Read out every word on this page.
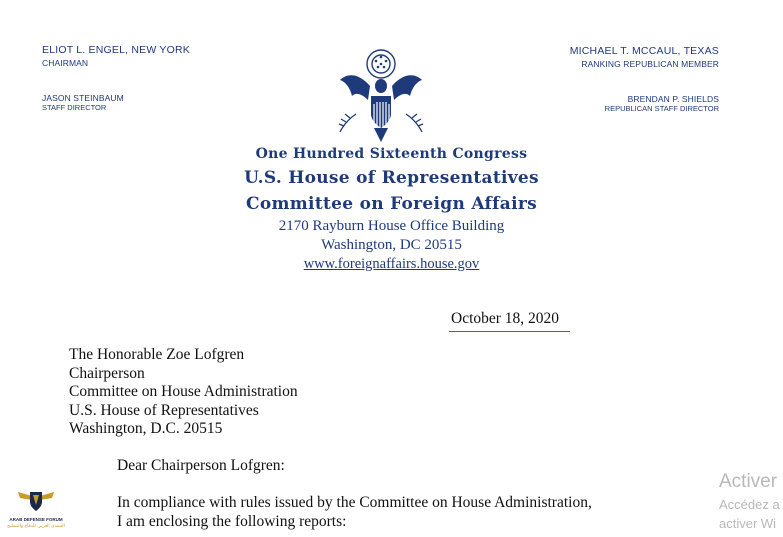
ELIOT L. ENGEL, NEW YORK
CHAIRMAN
JASON STEINBAUM
STAFF DIRECTOR
MICHAEL T. MCCAUL, TEXAS
RANKING REPUBLICAN MEMBER
BRENDAN P. SHIELDS
REPUBLICAN STAFF DIRECTOR
One Hundred Sixteenth Congress
U.S. House of Representatives
Committee on Foreign Affairs
2170 Rayburn House Office Building
Washington, DC 20515
www.foreignaffairs.house.gov
October 18, 2020
The Honorable Zoe Lofgren
Chairperson
Committee on House Administration
U.S. House of Representatives
Washington, D.C. 20515
Dear Chairperson Lofgren:
In compliance with rules issued by the Committee on House Administration,
I am enclosing the following reports:
ARAB DEFENSE FORUM
المنتدى العربي للدفاع والتسليح
Activer
Accédez a
activer Wi
